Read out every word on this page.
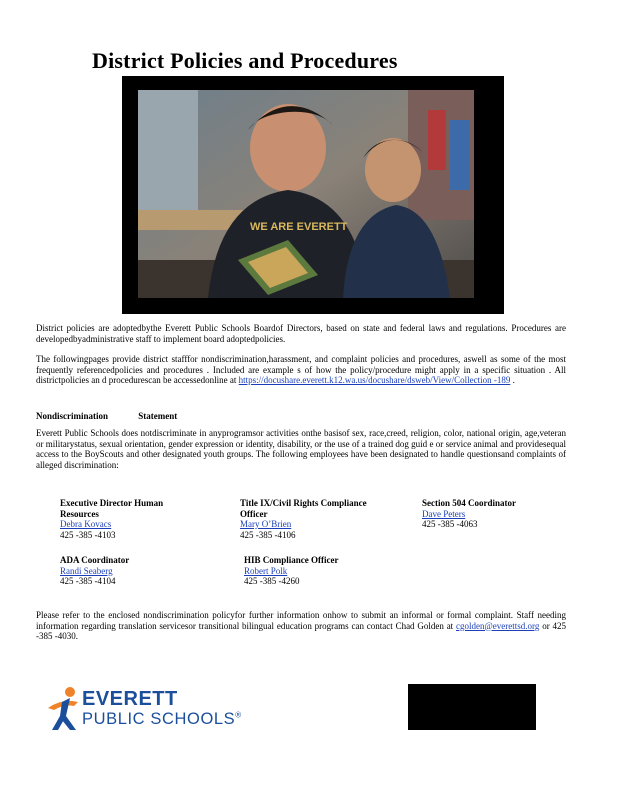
District Policies and Procedures
WE ARE EVERETT
District policies are adoptedbythe Everett Public Schools Boardof Directors, based on state and federal laws and regulations. Procedures are developedbyadministrative staff to implement board adoptedpolicies.
The followingpages provide district stafffor nondiscrimination,harassment, and complaint policies and procedures, aswell as some of the most frequently referencedpolicies and procedures . Included are example s of how the policy/procedure might apply in a specific situation . All districtpolicies an d procedurescan be accessedonline at https://docushare.everett.k12.wa.us/docushare/dsweb/View/Collection -189 .
Nondiscrimination Statement
Everett Public Schools does notdiscriminate in anyprogramsor activities onthe basisof sex, race,creed, religion, color, national origin, age,veteran or militarystatus, sexual orientation, gender expression or identity, disability, or the use of a trained dog guid e or service animal and providesequal access to the BoyScouts and other designated youth groups. The following employees have been designated to handle questionsand complaints of alleged discrimination:
Executive Director Human Resources
Debra Kovacs
425 -385 -4103
Title IX/Civil Rights Compliance Officer
Mary O’Brien
425 -385 -4106
Section 504 Coordinator
Dave Peters
425 -385 -4063
ADA Coordinator
Randi Seaberg
425 -385 -4104
HIB Compliance Officer
Robert Polk
425 -385 -4260
Please refer to the enclosed nondiscrimination policyfor further information onhow to submit an informal or formal complaint. Staff needing information regarding translation servicesor transitional bilingual education programs can contact Chad Golden at cgolden@everettsd.org or 425 -385 -4030.
EVERETT
PUBLIC SCHOOLS®
